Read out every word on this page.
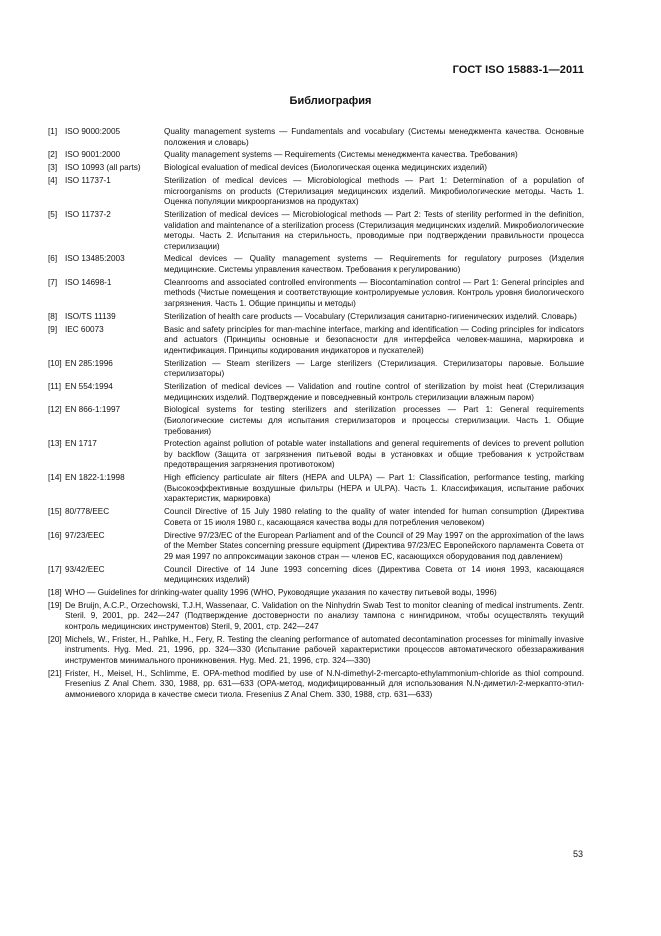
ГОСТ ISO 15883-1—2011
Библиография
[1] ISO 9000:2005	Quality management systems — Fundamentals and vocabulary (Системы менеджмента качества. Основные положения и словарь)
[2] ISO 9001:2000	Quality management systems — Requirements (Системы менеджмента качества. Требования)
[3] ISO 10993 (all parts)	Biological evaluation of medical devices (Биологическая оценка медицинских изделий)
[4] ISO 11737-1	Sterilization of medical devices — Microbiological methods — Part 1: Determination of a population of microorganisms on products (Стерилизация медицинских изделий. Микробиологические методы. Часть 1. Оценка популяции микроорганизмов на продуктах)
[5] ISO 11737-2	Sterilization of medical devices — Microbiological methods — Part 2: Tests of sterility performed in the definition, validation and maintenance of a sterilization process (Стерилизация медицинских изделий. Микробиологические методы. Часть 2. Испытания на стерильность, проводимые при подтверждении правильности процесса стерилизации)
[6] ISO 13485:2003	Medical devices — Quality management systems — Requirements for regulatory purposes (Изделия медицинские. Системы управления качеством. Требования к регулированию)
[7] ISO 14698-1	Cleanrooms and associated controlled environments — Biocontamination control — Part 1: General principles and methods (Чистые помещения и соответствующие контролируемые условия. Контроль уровня биологического загрязнения. Часть 1. Общие принципы и методы)
[8] ISO/TS 11139	Sterilization of health care products — Vocabulary (Стерилизация санитарно-гигиенических изделий. Словарь)
[9] IEC 60073	Basic and safety principles for man-machine interface, marking and identification — Coding principles for indicators and actuators (Принципы основные и безопасности для интерфейса человек-машина, маркировка и идентификация. Принципы кодирования индикаторов и пускателей)
[10] EN 285:1996	Sterilization — Steam sterilizers — Large sterilizers (Стерилизация. Стерилизаторы паровые. Большие стерилизаторы)
[11] EN 554:1994	Sterilization of medical devices — Validation and routine control of sterilization by moist heat (Стерилизация медицинских изделий. Подтверждение и повседневный контроль стерилизации влажным паром)
[12] EN 866-1:1997	Biological systems for testing sterilizers and sterilization processes — Part 1: General requirements (Биологические системы для испытания стерилизаторов и процессы стерилизации. Часть 1. Общие требования)
[13] EN 1717	Protection against pollution of potable water installations and general requirements of devices to prevent pollution by backflow (Защита от загрязнения питьевой воды в установках и общие требования к устройствам предотвращения загрязнения противотоком)
[14] EN 1822-1:1998	High efficiency particulate air filters (HEPA and ULPA) — Part 1: Classification, performance testing, marking (Высокоэффективные воздушные фильтры (HEPA и ULPA). Часть 1. Классификация, испытание рабочих характеристик, маркировка)
[15] 80/778/EEC	Council Directive of 15 July 1980 relating to the quality of water intended for human consumption (Директива Совета от 15 июля 1980 г., касающаяся качества воды для потребления человеком)
[16] 97/23/EEC	Directive 97/23/EC of the European Parliament and of the Council of 29 May 1997 on the approximation of the laws of the Member States concerning pressure equipment (Директива 97/23/ЕС Европейского парламента Совета от 29 мая 1997 по аппроксимации законов стран — членов ЕС, касающихся оборудования под давлением)
[17] 93/42/EEC	Council Directive of 14 June 1993 concerning dices (Директива Совета от 14 июня 1993, касающаяся медицинских изделий)
[18] WHO — Guidelines for drinking-water quality 1996 (WHO, Руководящие указания по качеству питьевой воды, 1996)
[19] De Bruijn, A.C.P., Orzechowski, T.J.H, Wassenaar, C. Validation on the Ninhydrin Swab Test to monitor cleaning of medical instruments. Zentr. Steril. 9, 2001, pp. 242—247 (Подтверждение достоверности по анализу тампона с нингидрином, чтобы осуществлять текущий контроль медицинских инструментов) Steril, 9, 2001, стр. 242—247
[20] Michels, W., Frister, H., Pahlke, H., Fery, R. Testing the cleaning performance of automated decontamination processes for minimally invasive instruments. Hyg. Med. 21, 1996, pp. 324—330 (Испытание рабочей характеристики процессов автоматического обеззараживания инструментов минимального проникновения. Hyg. Med. 21, 1996, стр. 324—330)
[21] Frister, H., Meisel, H., Schlimme, E. OPA-method modified by use of N.N-dimethyl-2-mercapto-ethylammonium-chloride as thiol compound. Fresenius Z Anal Chem. 330, 1988, pp. 631—633 (OPA-метод, модифицированный для использования N.N-диметил-2-меркапто-этил-аммониевого хлорида в качестве смеси тиола. Fresenius Z Anal Chem. 330, 1988, стр. 631—633)
53
